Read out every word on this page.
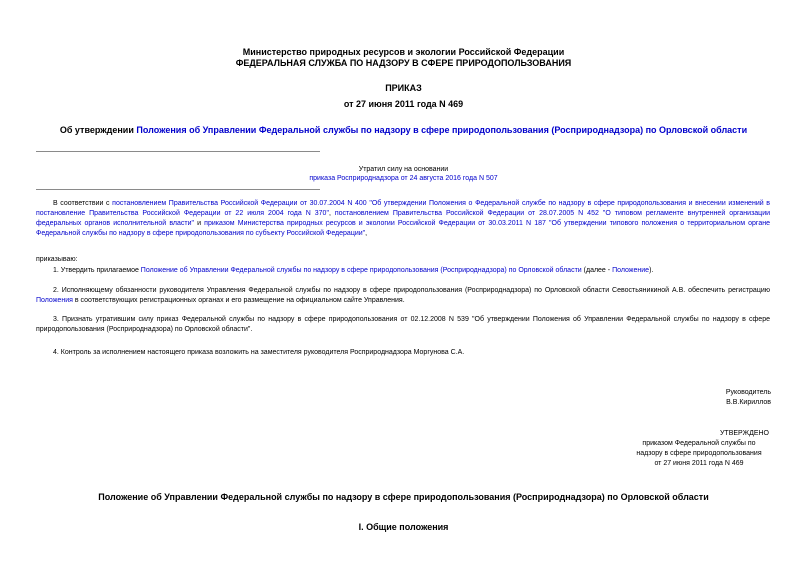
Министерство природных ресурсов и экологии Российской Федерации
ФЕДЕРАЛЬНАЯ СЛУЖБА ПО НАДЗОРУ В СФЕРЕ ПРИРОДОПОЛЬЗОВАНИЯ
ПРИКАЗ
от 27 июня 2011 года N 469
Об утверждении Положения об Управлении Федеральной службы по надзору в сфере природопользования (Росприроднадзора) по Орловской области
Утратил силу на основании
приказа Росприроднадзора от 24 августа 2016 года N 507
В соответствии с постановлением Правительства Российской Федерации от 30.07.2004 N 400 "Об утверждении Положения о Федеральной службе по надзору в сфере природопользования и внесении изменений в постановление Правительства Российской Федерации от 22 июля 2004 года N 370", постановлением Правительства Российской Федерации от 28.07.2005 N 452 "О типовом регламенте внутренней организации федеральных органов исполнительной власти" и приказом Министерства природных ресурсов и экологии Российской Федерации от 30.03.2011 N 187 "Об утверждении типового положения о территориальном органе Федеральной службы по надзору в сфере природопользования по субъекту Российской Федерации",
приказываю:
1. Утвердить прилагаемое Положение об Управлении Федеральной службы по надзору в сфере природопользования (Росприроднадзора) по Орловской области (далее - Положение).
2. Исполняющему обязанности руководителя Управления Федеральной службы по надзору в сфере природопользования (Росприроднадзора) по Орловской области Севостьяникиной А.В. обеспечить регистрацию Положения в соответствующих регистрационных органах и его размещение на официальном сайте Управления.
3. Признать утратившим силу приказ Федеральной службы по надзору в сфере природопользования от 02.12.2008 N 539 "Об утверждении Положения об Управлении Федеральной службы по надзору в сфере природопользования (Росприроднадзора) по Орловской области".
4. Контроль за исполнением настоящего приказа возложить на заместителя руководителя Росприроднадзора Моргунова С.А.
Руководитель
В.В.Кириллов
УТВЕРЖДЕНО
приказом Федеральной службы по
надзору в сфере природопользования
от 27 июня 2011 года N 469
Положение об Управлении Федеральной службы по надзору в сфере природопользования (Росприроднадзора) по Орловской области
I. Общие положения
